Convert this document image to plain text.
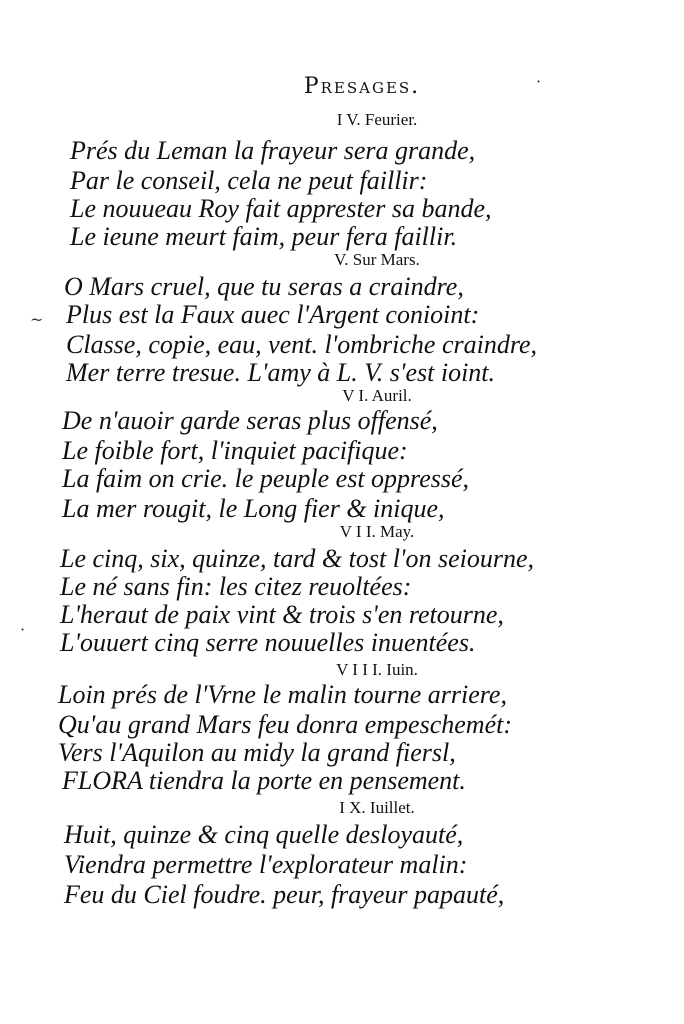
Presages.
I V. Feurier.
Prés du Leman la frayeur sera grande,
Par le conseil, cela ne peut faillir:
Le nouueau Roy fait apprester sa bande,
Le ieune meurt faim, peur fera faillir.
V. Sur Mars.
O Mars cruel, que tu seras a craindre,
Plus est la Faux auec l'Argent conioint:
Classe, copie, eau, vent. l'ombriche craindre,
Mer terre tresue. L'amy à L. V. s'est ioint.
V I. Auril.
De n'auoir garde seras plus offensé,
Le foible fort, l'inquiet pacifique:
La faim on crie. le peuple est oppressé,
La mer rougit, le Long fier & inique,
V I I. May.
Le cinq, six, quinze, tard & tost l'on seiourne,
Le né sans fin: les citez reuoltées:
L'heraut de paix vint & trois s'en retourne,
L'ouuert cinq serre nouuelles inuentées.
V I I I. Iuin.
Loin prés de l'Vrne le malin tourne arriere,
Qu'au grand Mars feu donra empeschemét:
Vers l'Aquilon au midy la grand fiersl,
FLORA tiendra la porte en pensement.
I X. Iuillet.
Huit, quinze & cinq quelle desloyauté,
Viendra permettre l'explorateur malin:
Feu du Ciel foudre. peur, frayeur papauté,
·
~
·
